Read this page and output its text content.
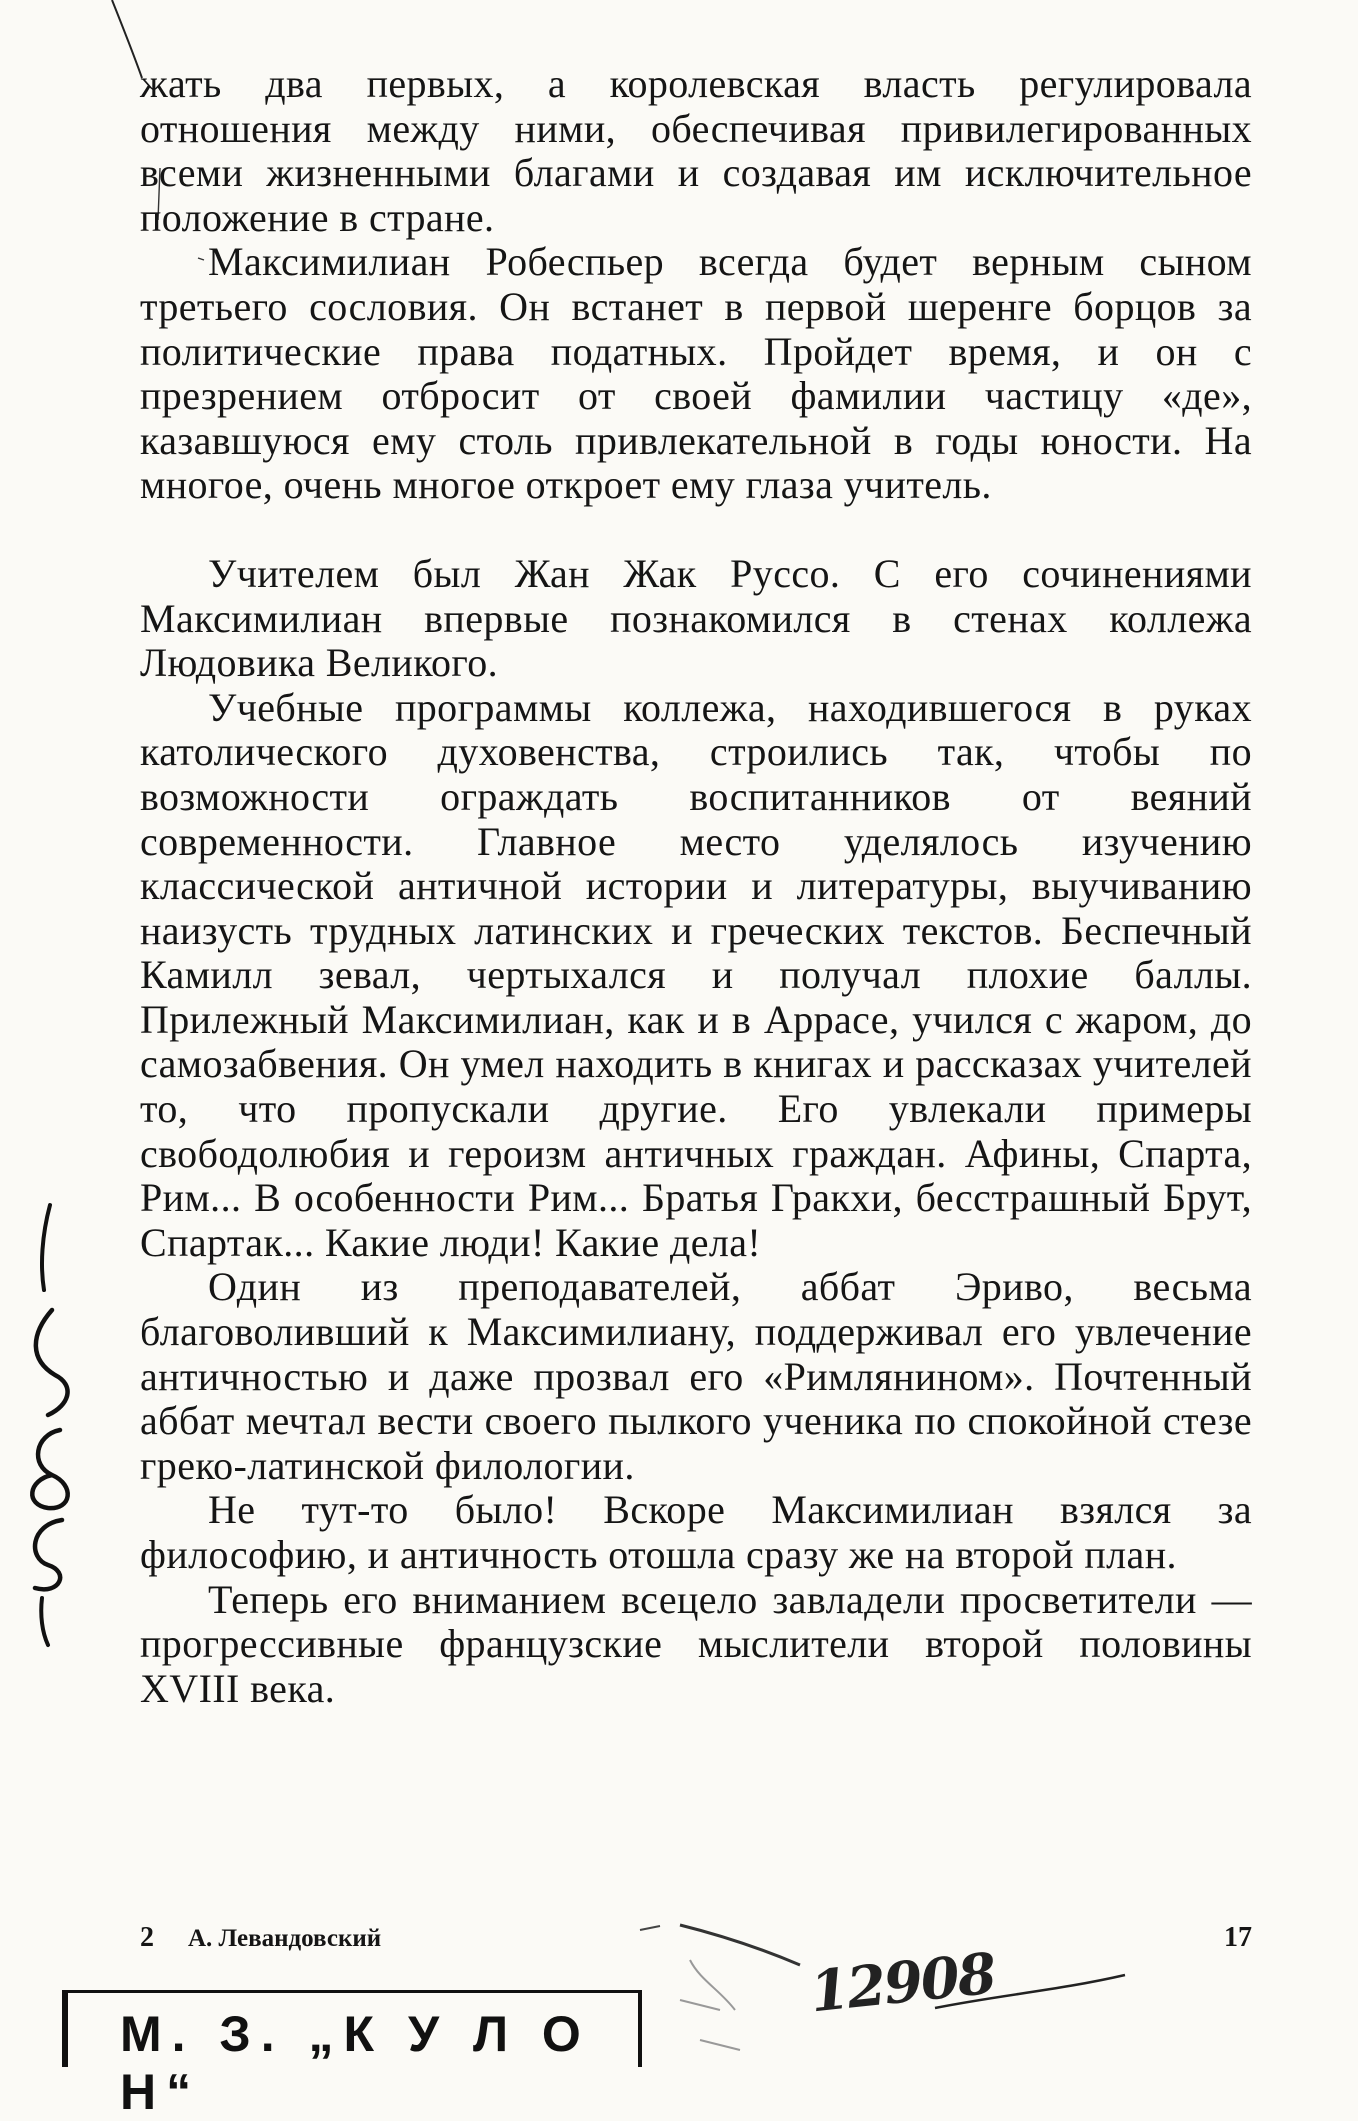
жать два первых, а королевская власть регулировала отношения между ними, обеспечивая привилегированных всеми жизненными благами и создавая им исключительное положение в стране.

Максимилиан Робеспьер всегда будет верным сыном третьего сословия. Он встанет в первой шеренге борцов за политические права податных. Пройдет время, и он с презрением отбросит от своей фамилии частицу «де», казавшуюся ему столь привлекательной в годы юности. На многое, очень многое откроет ему глаза учитель.

Учителем был Жан Жак Руссо. С его сочинениями Максимилиан впервые познакомился в стенах коллежа Людовика Великого.

Учебные программы коллежа, находившегося в руках католического духовенства, строились так, чтобы по возможности ограждать воспитанников от веяний современности. Главное место уделялось изучению классической античной истории и литературы, выучиванию наизусть трудных латинских и греческих текстов. Беспечный Камилл зевал, чертыхался и получал плохие баллы. Прилежный Максимилиан, как и в Аррасе, учился с жаром, до самозабвения. Он умел находить в книгах и рассказах учителей то, что пропускали другие. Его увлекали примеры свободолюбия и героизм античных граждан. Афины, Спарта, Рим... В особенности Рим... Братья Гракхи, бесстрашный Брут, Спартак... Какие люди! Какие дела!

Один из преподавателей, аббат Эриво, весьма благоволивший к Максимилиану, поддерживал его увлечение античностью и даже прозвал его «Римлянином». Почтенный аббат мечтал вести своего пылкого ученика по спокойной стезе греко-латинской филологии.

Не тут-то было! Вскоре Максимилиан взялся за философию, и античность отошла сразу же на второй план.

Теперь его вниманием всецело завладели просветители — прогрессивные французские мыслители второй половины XVIII века.

2 А. Левандовский	17
М. З. „К У Л О Н“
12908
